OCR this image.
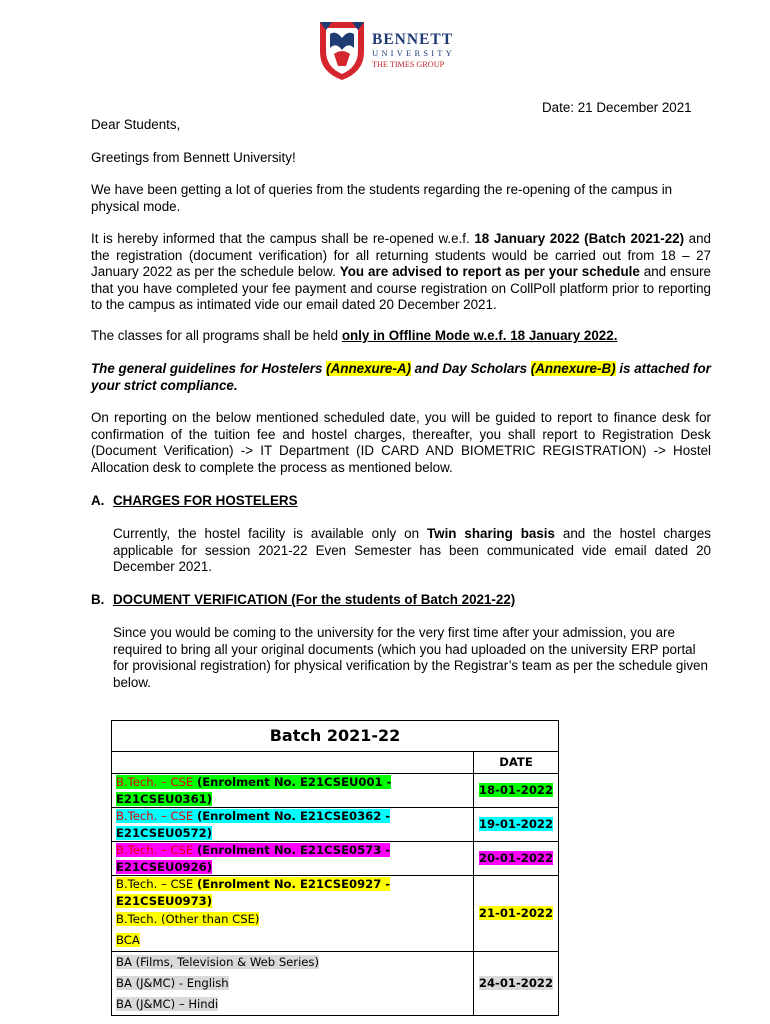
BENNETT
UNIVERSITY
THE TIMES GROUP
Date: 21 December 2021

Dear Students,

Greetings from Bennett University!

We have been getting a lot of queries from the students regarding the re-opening of the campus in physical mode.

It is hereby informed that the campus shall be re-opened w.e.f. 18 January 2022 (Batch 2021-22) and the registration (document verification) for all returning students would be carried out from 18 – 27 January 2022 as per the schedule below. You are advised to report as per your schedule and ensure that you have completed your fee payment and course registration on CollPoll platform prior to reporting to the campus as intimated vide our email dated 20 December 2021.

The classes for all programs shall be held only in Offline Mode w.e.f. 18 January 2022.

The general guidelines for Hostelers (Annexure-A) and Day Scholars (Annexure-B) is attached for your strict compliance.

On reporting on the below mentioned scheduled date, you will be guided to report to finance desk for confirmation of the tuition fee and hostel charges, thereafter, you shall report to Registration Desk (Document Verification) -> IT Department (ID CARD AND BIOMETRIC REGISTRATION) -> Hostel Allocation desk to complete the process as mentioned below.

A. CHARGES FOR HOSTELERS

Currently, the hostel facility is available only on Twin sharing basis and the hostel charges applicable for session 2021-22 Even Semester has been communicated vide email dated 20 December 2021.

B. DOCUMENT VERIFICATION (For the students of Batch 2021-22)

Since you would be coming to the university for the very first time after your admission, you are required to bring all your original documents (which you had uploaded on the university ERP portal for provisional registration) for physical verification by the Registrar’s team as per the schedule given below.

Batch 2021-22	
	DATE
B.Tech. – CSE (Enrolment No. E21CSEU001 - E21CSEU0361)	18-01-2022
B.Tech. – CSE (Enrolment No. E21CSE0362 - E21CSEU0572)	19-01-2022
B.Tech. – CSE (Enrolment No. E21CSE0573 - E21CSEU0926)	20-01-2022
B.Tech. – CSE (Enrolment No. E21CSE0927 - E21CSEU0973)	21-01-2022
B.Tech. (Other than CSE)	
BCA	
BA (Films, Television & Web Series)	24-01-2022
BA (J&MC) - English	
BA (J&MC) – Hindi	
